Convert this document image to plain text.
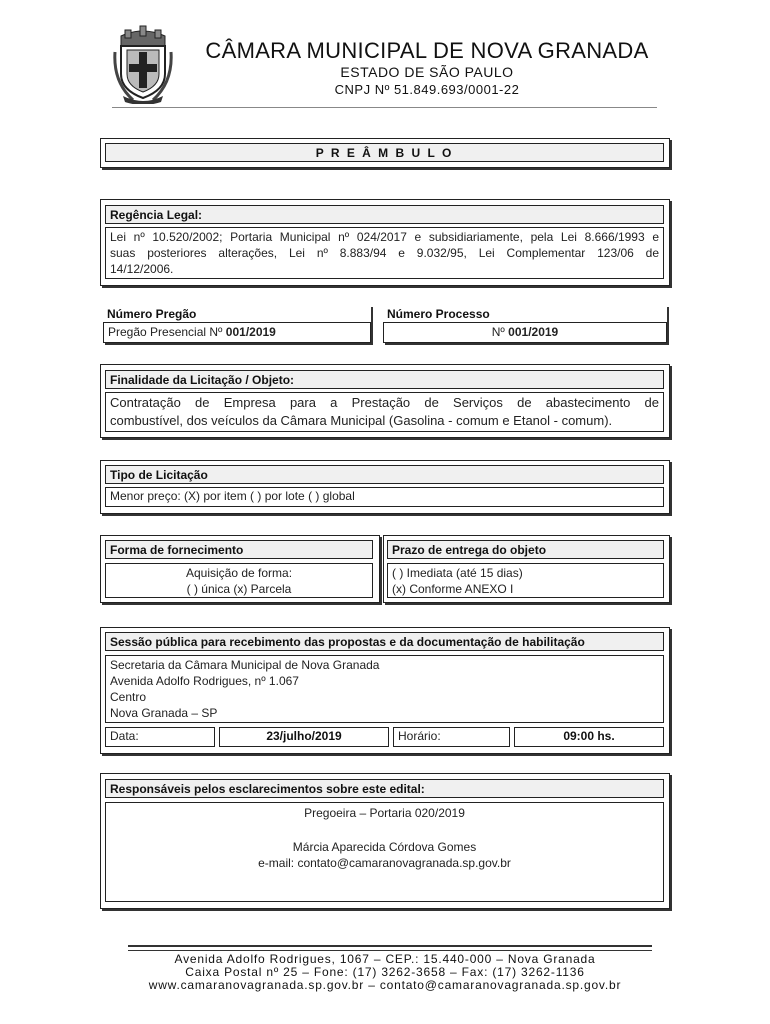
CÂMARA MUNICIPAL DE NOVA GRANADA
ESTADO DE SÃO PAULO
CNPJ Nº 51.849.693/0001-22
P R E Â M B U L O
Regência Legal:
Lei nº 10.520/2002; Portaria Municipal nº 024/2017 e subsidiariamente, pela Lei 8.666/1993 e
suas posteriores alterações, Lei nº 8.883/94 e 9.032/95, Lei Complementar 123/06 de
14/12/2006.
Número Pregão
Pregão Presencial Nº 001/2019
Número Processo
Nº 001/2019
Finalidade da Licitação / Objeto:
Contratação de Empresa para a Prestação de Serviços de abastecimento de
combustível, dos veículos da Câmara Municipal (Gasolina - comum e Etanol - comum).
Tipo de Licitação
Menor preço: (X) por item ( ) por lote ( ) global
Forma de fornecimento
Aquisição de forma:
( ) única (x) Parcela
Prazo de entrega do objeto
( ) Imediata (até 15 dias)
(x) Conforme ANEXO I
Sessão pública para recebimento das propostas e da documentação de habilitação
Secretaria da Câmara Municipal de Nova Granada
Avenida Adolfo Rodrigues, nº 1.067
Centro
Nova Granada – SP
Data:	23/julho/2019	Horário:	09:00 hs.
Responsáveis pelos esclarecimentos sobre este edital:
Pregoeira – Portaria 020/2019
Márcia Aparecida Córdova Gomes
e-mail: contato@camaranovagranada.sp.gov.br
Avenida Adolfo Rodrigues, 1067 – CEP.: 15.440-000 – Nova Granada
Caixa Postal nº 25 – Fone: (17) 3262-3658 – Fax: (17) 3262-1136
www.camaranovagranada.sp.gov.br – contato@camaranovagranada.sp.gov.br
